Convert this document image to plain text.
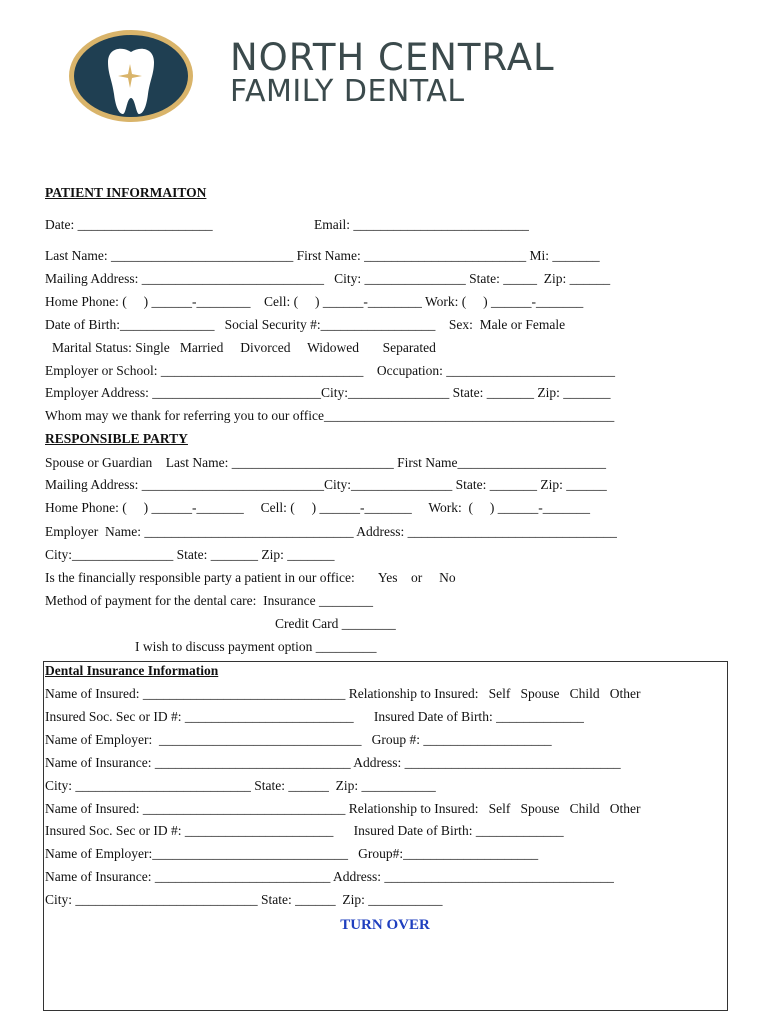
NORTH CENTRAL
FAMILY DENTAL
PATIENT INFORMAITON
Date: ____________________	Email: __________________________
Last Name: ___________________________ First Name: ________________________ Mi: _______
Mailing Address: ___________________________   City: _______________ State: _____  Zip: ______
Home Phone: (     ) ______-________    Cell: (     ) ______-________ Work: (     ) ______-_______
Date of Birth:______________   Social Security #:_________________    Sex:  Male or Female
Marital Status: Single   Married     Divorced     Widowed       Separated
Employer or School: ______________________________    Occupation: _________________________
Employer Address: _________________________City:_______________ State: _______ Zip: _______
Whom may we thank for referring you to our office___________________________________________
RESPONSIBLE PARTY
Spouse or Guardian    Last Name: ________________________ First Name______________________
Mailing Address: ___________________________City:_______________ State: _______ Zip: ______
Home Phone: (     ) ______-_______     Cell: (     ) ______-_______     Work:  (     ) ______-_______
Employer  Name: _______________________________ Address: _______________________________
City:_______________ State: _______ Zip: _______
Is the financially responsible party a patient in our office:       Yes    or     No
Method of payment for the dental care:  Insurance ________
Credit Card ________
I wish to discuss payment option _________
Dental Insurance Information
Name of Insured: ______________________________ Relationship to Insured:   Self   Spouse   Child   Other
Insured Soc. Sec or ID #: _________________________      Insured Date of Birth: _____________
Name of Employer:  ______________________________   Group #: ___________________
Name of Insurance: _____________________________ Address: ________________________________
City: __________________________ State: ______  Zip: ___________
Name of Insured: ______________________________ Relationship to Insured:   Self   Spouse   Child   Other
Insured Soc. Sec or ID #: ______________________      Insured Date of Birth: _____________
Name of Employer:_____________________________   Group#:____________________
Name of Insurance: __________________________ Address: __________________________________
City: ___________________________ State: ______  Zip: ___________
TURN OVER
